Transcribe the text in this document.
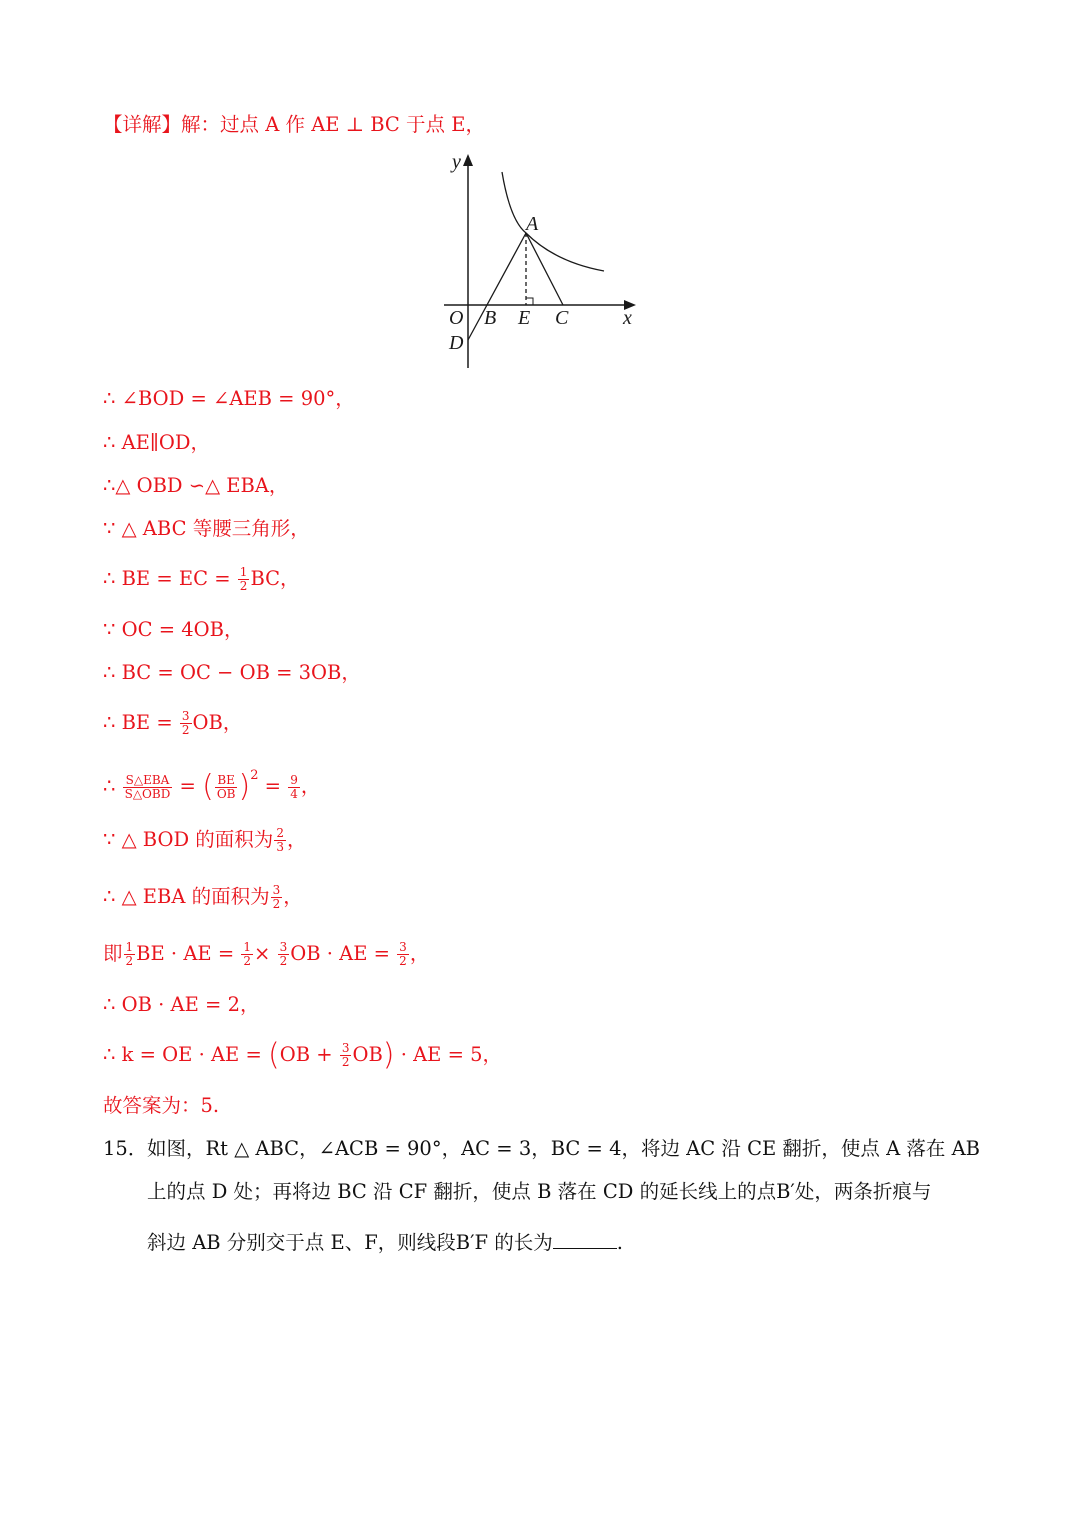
【详解】解：过点 A 作 AE ⊥ BC 于点 E，
y
A
O B E C	x
D
∴ ∠BOD = ∠AEB = 90°，
∴ AE∥OD，
∴△ OBD ∽△ EBA，
∵ △ ABC 等腰三角形，
∴ BE = EC = $\frac{1}{2}$ BC，
∵ OC = 4OB，
∴ BC = OC − OB = 3OB，
∴ BE = $\frac{3}{2}$ OB，
∴ $\frac{\text{S△EBA}}{\text{S△OBD}}$ = ( $\frac{BE}{OB} )^2 = \frac{9}{4}$ ，
∵ △ BOD 的面积为 $\frac{2}{3}$ ，
∴ △ EBA 的面积为 $\frac{3}{2}$ ，
即 $\frac{1}{2}$ BE · AE = $\frac{1}{2} \times \frac{3}{2}$ OB · AE = $\frac{3}{2}$ ，
∴ OB · AE = 2，
∴ k = OE · AE = $(OB + \frac{3}{2} OB)$ · AE = 5，
故答案为：5.
15． 如图，Rt △ ABC，∠ACB = 90°，AC = 3，BC = 4，将边 AC 沿 CE 翻折，使点 A 落在 AB
上的点 D 处；再将边 BC 沿 CF 翻折，使点 B 落在 CD 的延长线上的点B′处，两条折痕与
斜边 AB 分别交于点 E、F，则线段B′F 的长为	.
